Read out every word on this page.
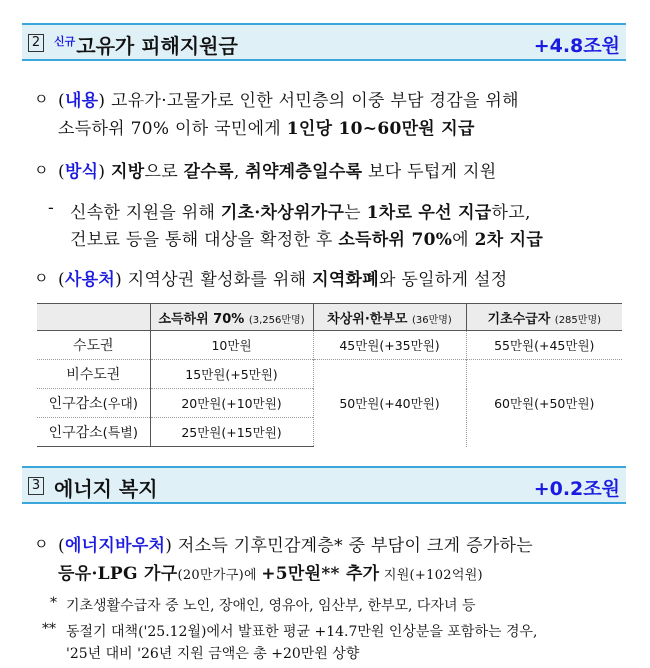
2	$^{신규}$고유가 피해지원금	+4.8조원
ㅇ (내용) 고유가·고물가로 인한 서민층의 이중 부담 경감을 위해
소득하위 70% 이하 국민에게 1인당 10~60만원 지급
ㅇ (방식) 지방으로 갈수록, 취약계층일수록 보다 두텁게 지원
- 신속한 지원을 위해 기초·차상위가구는 1차로 우선 지급하고,
건보료 등을 통해 대상을 확정한 후 소득하위 70%에 2차 지급
ㅇ (사용처) 지역상권 활성화를 위해 지역화폐와 동일하게 설정
	소득하위 70% (3,256만명)	차상위·한부모 (36만명)	기초수급자 (285만명)
수도권	10만원	45만원(+35만원)	55만원(+45만원)
비수도권	15만원(+5만원)	50만원(+40만원)	60만원(+50만원)
인구감소(우대)	20만원(+10만원)		
인구감소(특별)	25만원(+15만원)		
3 에너지 복지	+0.2조원
ㅇ (에너지바우처) 저소득 기후민감계층* 중 부담이 크게 증가하는
등유·LPG 가구(20만가구)에 +5만원** 추가 지원(+102억원)
* 기초생활수급자 중 노인, 장애인, 영유아, 임산부, 한부모, 다자녀 등
** 동절기 대책('25.12월)에서 발표한 평균 +14.7만원 인상분을 포함하는 경우,
'25년 대비 '26년 지원 금액은 총 +20만원 상향
